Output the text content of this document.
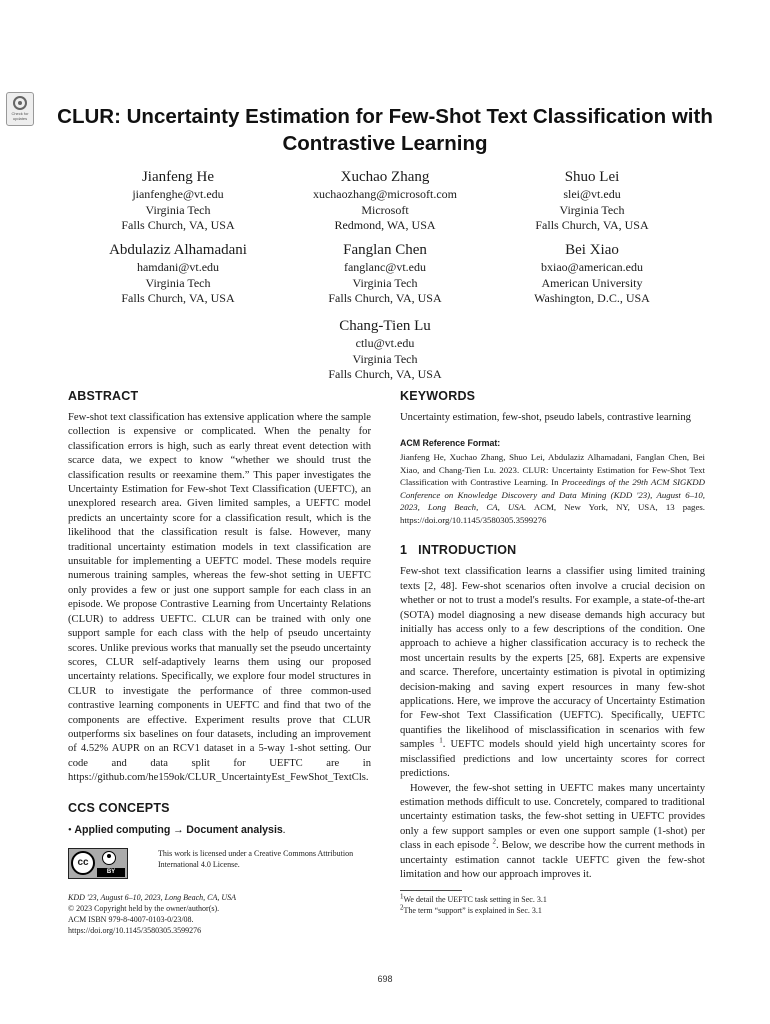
Check for updates	CLUR: Uncertainty Estimation for Few-Shot Text Classification with Contrastive Learning
Jianfeng He
jianfenghe@vt.edu
Virginia Tech
Falls Church, VA, USA
Xuchao Zhang
xuchaozhang@microsoft.com
Microsoft
Redmond, WA, USA
Shuo Lei
slei@vt.edu
Virginia Tech
Falls Church, VA, USA
Abdulaziz Alhamadani
hamdani@vt.edu
Virginia Tech
Falls Church, VA, USA
Fanglan Chen
fanglanc@vt.edu
Virginia Tech
Falls Church, VA, USA
Bei Xiao
bxiao@american.edu
American University
Washington, D.C., USA
Chang-Tien Lu
ctlu@vt.edu
Virginia Tech
Falls Church, VA, USA
ABSTRACT

Few-shot text classification has extensive application where the sample collection is expensive or complicated. When the penalty for classification errors is high, such as early threat event detection with scarce data, we expect to know “whether we should trust the classification results or reexamine them.” This paper investigates the Uncertainty Estimation for Few-shot Text Classification (UEFTC), an unexplored research area. Given limited samples, a UEFTC model predicts an uncertainty score for a classification result, which is the likelihood that the classification result is false. However, many traditional uncertainty estimation models in text classification are unsuitable for implementing a UEFTC model. These models require numerous training samples, whereas the few-shot setting in UEFTC only provides a few or just one support sample for each class in an episode. We propose Contrastive Learning from Uncertainty Relations (CLUR) to address UEFTC. CLUR can be trained with only one support sample for each class with the help of pseudo uncertainty scores. Unlike previous works that manually set the pseudo uncertainty scores, CLUR self-adaptively learns them using our proposed uncertainty relations. Specifically, we explore four model structures in CLUR to investigate the performance of three common-used contrastive learning components in UEFTC and find that two of the components are effective. Experiment results prove that CLUR outperforms six baselines on four datasets, including an improvement of 4.52% AUPR on an RCV1 dataset in a 5-way 1-shot setting. Our code and data split for UEFTC are in https://github.com/he159ok/CLUR_UncertaintyEst_FewShot_TextCls.

CCS CONCEPTS

• Applied computing → Document analysis.

cc
BY
This work is licensed under a Creative Commons Attribution International 4.0 License.

KDD '23, August 6–10, 2023, Long Beach, CA, USA

© 2023 Copyright held by the owner/author(s).

ACM ISBN 979-8-4007-0103-0/23/08.

https://doi.org/10.1145/3580305.3599276

KEYWORDS

Uncertainty estimation, few-shot, pseudo labels, contrastive learning

ACM Reference Format:

Jianfeng He, Xuchao Zhang, Shuo Lei, Abdulaziz Alhamadani, Fanglan Chen, Bei Xiao, and Chang-Tien Lu. 2023. CLUR: Uncertainty Estimation for Few-Shot Text Classification with Contrastive Learning. In Proceedings of the 29th ACM SIGKDD Conference on Knowledge Discovery and Data Mining (KDD '23), August 6–10, 2023, Long Beach, CA, USA. ACM, New York, NY, USA, 13 pages. https://doi.org/10.1145/3580305.3599276

1   INTRODUCTION

Few-shot text classification learns a classifier using limited training texts [2, 48]. Few-shot scenarios often involve a crucial decision on whether or not to trust a model's results. For example, a state-of-the-art (SOTA) model diagnosing a new disease demands high accuracy but initially has access only to a few descriptions of the condition. One approach to achieve a higher classification accuracy is to recheck the most uncertain results by the experts [25, 68]. Experts are expensive and scarce. Therefore, uncertainty estimation is pivotal in optimizing decision-making and saving expert resources in many few-shot applications. Here, we improve the accuracy of Uncertainty Estimation for Few-shot Text Classification (UEFTC). Specifically, UEFTC quantifies the likelihood of misclassification in scenarios with few samples $^1$. UEFTC models should yield high uncertainty scores for misclassified predictions and low uncertainty scores for correct predictions.

However, the few-shot setting in UEFTC makes many uncertainty estimation methods difficult to use. Concretely, compared to traditional uncertainty estimation tasks, the few-shot setting in UEFTC provides only a few support samples or even one support sample (1-shot) per class in each episode $^2$. Below, we describe how the current methods in uncertainty estimation cannot tackle UEFTC given the few-shot limitation and how our approach improves it.

$^1$We detail the UEFTC task setting in Sec. 3.1

$^2$The term “support” is explained in Sec. 3.1

698
